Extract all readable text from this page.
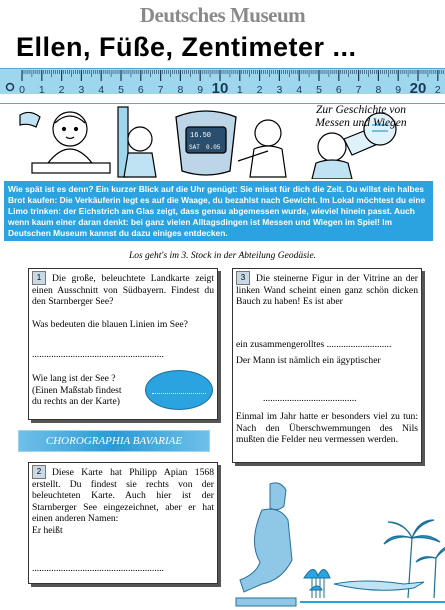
Deutsches Museum
Ellen, Füße, Zentimeter ...
0 1 2 3 4 5 6 7 8 9 10 1 2 3 4 5 6 7 8 9 20 2
16.50
SAT 0.05
Zur Geschichte von
Messen und Wiegen
Wie spät ist es denn? Ein kurzer Blick auf die Uhr genügt: Sie misst für dich die Zeit. Du willst ein halbes Brot kaufen: Die Verkäuferin legt es auf die Waage, du bezahlst nach Gewicht. Im Lokal möchtest du eine Limo trinken: der Eichstrich am Glas zeigt, dass genau abgemessen wurde, wieviel hinein passt. Auch wenn kaum einer daran denkt: bei ganz vielen Alltagsdingen ist Messen und Wiegen im Spiel! Im Deutschen Museum kannst du dazu einiges entdecken.
Los geht's im 3. Stock in der Abteilung Geodäsie.
1	Die große, beleuchtete Landkarte zeigt einen Ausschnitt von Südbayern. Findest du den Starnberger See?

Was bedeuten die blauen Linien im See?

.......................................................
Wie lang ist der See ?
(Einen Maßstab findest
du rechts an der Karte)
CHOROGRAPHIA BAVARIAE
2	Diese Karte hat Philipp Apian 1568 erstellt. Du findest sie rechts von der beleuchteten Karte. Auch hier ist der Starnberger See eingezeichnet, aber er hat einen anderen Namen:

Er heißt

.......................................................
3	Die steinerne Figur in der Vitrine an der linken Wand scheint einen ganz schön dicken Bauch zu haben! Es ist aber

ein zusammengerolltes ...........................
Der Mann ist nämlich ein ägyptischer
.......................................

Einmal im Jahr hatte er besonders viel zu tun: Nach den Überschwemmungen des Nils mußten die Felder neu vermessen werden.
